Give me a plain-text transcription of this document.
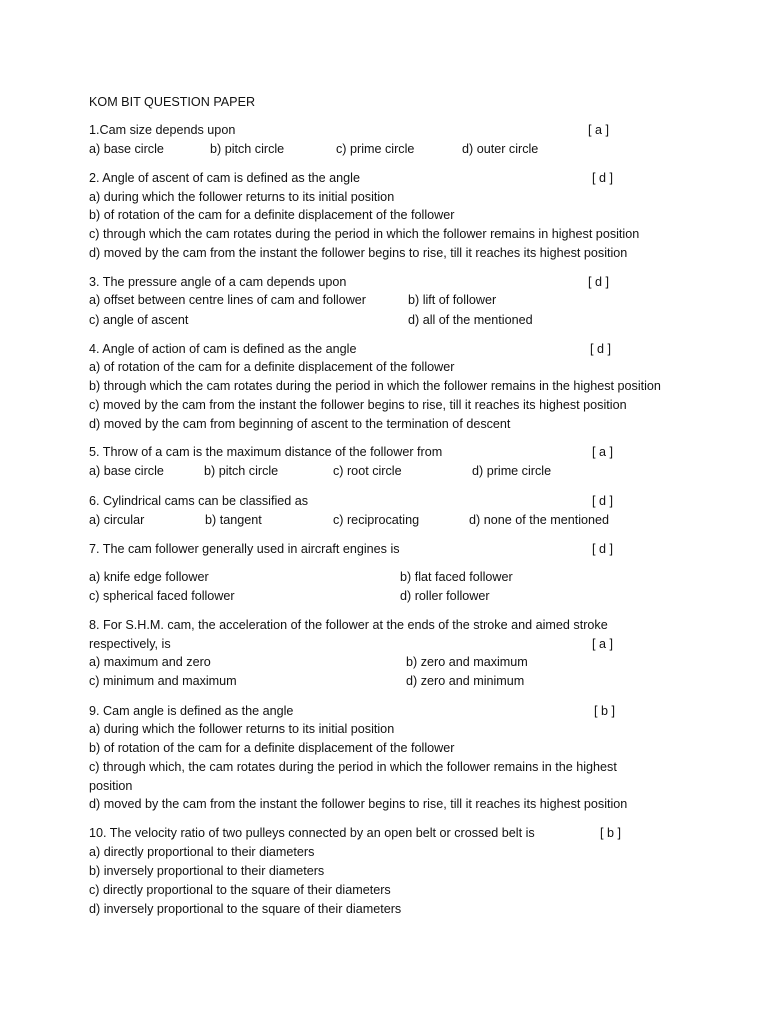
KOM BIT QUESTION PAPER
1.Cam size depends upon	[ a ]
a) base circle	b) pitch circle	c) prime circle	d) outer circle
2. Angle of ascent of cam is defined as the angle	[ d ]
a) during which the follower returns to its initial position
b) of rotation of the cam for a definite displacement of the follower
c) through which the cam rotates during the period in which the follower remains in highest position
d) moved by the cam from the instant the follower begins to rise, till it reaches its highest position
3. The pressure angle of a cam depends upon	[ d ]
a) offset between centre lines of cam and follower	b) lift of follower
c) angle of ascent	d) all of the mentioned
4. Angle of action of cam is defined as the angle	[ d ]
a) of rotation of the cam for a definite displacement of the follower
b) through which the cam rotates during the period in which the follower remains in the highest position
c) moved by the cam from the instant the follower begins to rise, till it reaches its highest position
d) moved by the cam from beginning of ascent to the termination of descent
5. Throw of a cam is the maximum distance of the follower from	[ a ]
a) base circle	b) pitch circle	c) root circle	d) prime circle
6. Cylindrical cams can be classified as	[ d ]
a) circular	b) tangent	c) reciprocating	d) none of the mentioned
7. The cam follower generally used in aircraft engines is	[ d ]
a) knife edge follower	b) flat faced follower
c) spherical faced follower	d) roller follower
8. For S.H.M. cam, the acceleration of the follower at the ends of the stroke and aimed stroke
respectively, is	[ a ]
a) maximum and zero	b) zero and maximum
c) minimum and maximum	d) zero and minimum
9. Cam angle is defined as the angle	[ b ]
a) during which the follower returns to its initial position
b) of rotation of the cam for a definite displacement of the follower
c) through which, the cam rotates during the period in which the follower remains in the highest
position
d) moved by the cam from the instant the follower begins to rise, till it reaches its highest position
10. The velocity ratio of two pulleys connected by an open belt or crossed belt is	[ b ]
a) directly proportional to their diameters
b) inversely proportional to their diameters
c) directly proportional to the square of their diameters
d) inversely proportional to the square of their diameters
